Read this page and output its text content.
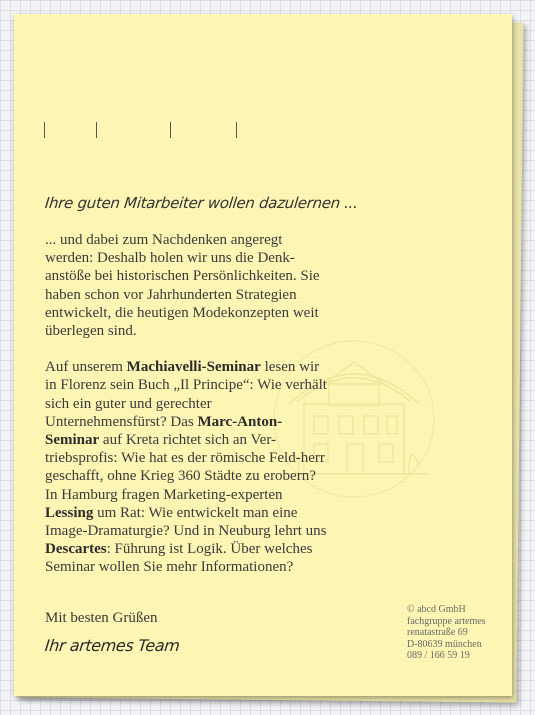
Ihre guten Mitarbeiter wollen dazulernen ...

... und dabei zum Nachdenken angeregt werden: Deshalb holen wir uns die Denk-anstöße bei historischen Persönlichkeiten. Sie haben schon vor Jahrhunderten Strategien entwickelt, die heutigen Modekonzepten weit überlegen sind.

Auf unserem Machiavelli-Seminar lesen wir in Florenz sein Buch „Il Principe“: Wie verhält sich ein guter und gerechter Unternehmensfürst? Das Marc-Anton-Seminar auf Kreta richtet sich an Ver-triebsprofis: Wie hat es der römische Feld-herr geschafft, ohne Krieg 360 Städte zu erobern? In Hamburg fragen Marketing-experten Lessing um Rat: Wie entwickelt man eine Image-Dramaturgie? Und in Neuburg lehrt uns Descartes: Führung ist Logik. Über welches Seminar wollen Sie mehr Informationen?

Mit besten Grüßen
Ihr artemes Team
© abcd GmbH
fachgruppe artemes
renatastraße 69
D-80639 münchen
089 / 166 59 19
